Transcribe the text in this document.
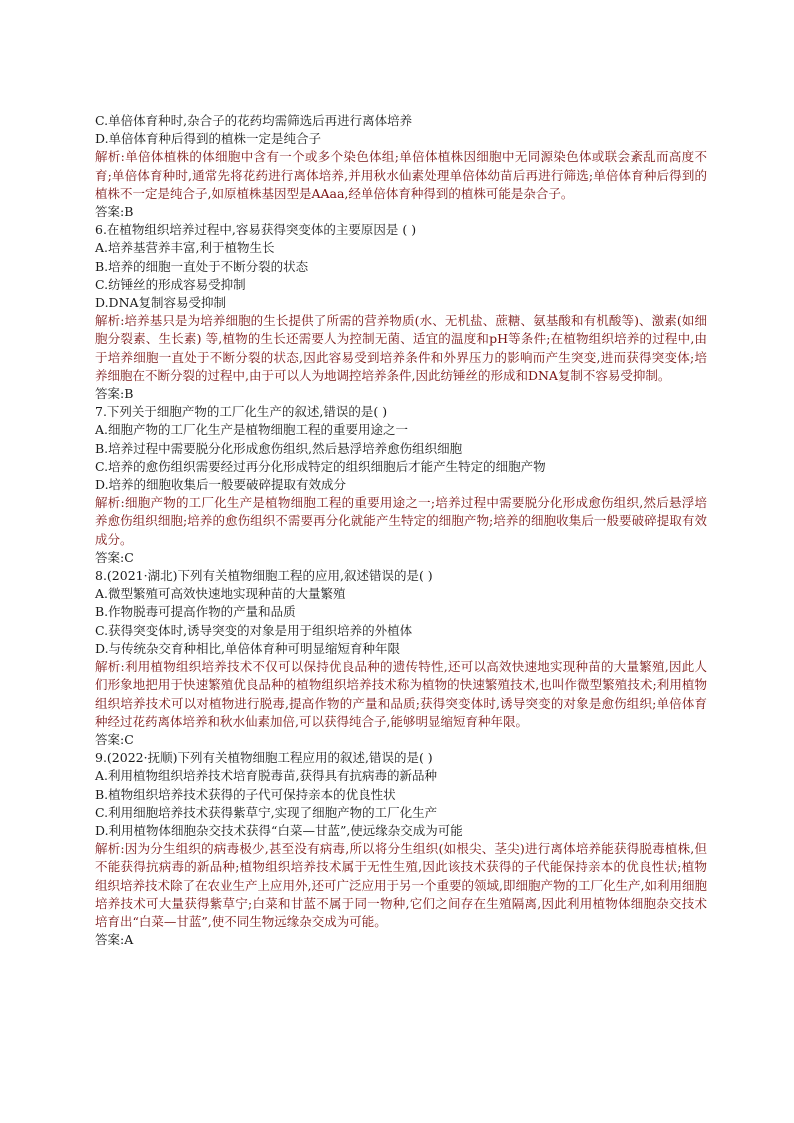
C.单倍体育种时,杂合子的花药均需筛选后再进行离体培养
D.单倍体育种后得到的植株一定是纯合子
解析:单倍体植株的体细胞中含有一个或多个染色体组;单倍体植株因细胞中无同源染色体或联会紊乱而高度不育;单倍体育种时,通常先将花药进行离体培养,并用秋水仙素处理单倍体幼苗后再进行筛选;单倍体育种后得到的植株不一定是纯合子,如原植株基因型是AAaa,经单倍体育种得到的植株可能是杂合子。
答案:B
6.在植物组织培养过程中,容易获得突变体的主要原因是 ( )
A.培养基营养丰富,利于植物生长
B.培养的细胞一直处于不断分裂的状态
C.纺锤丝的形成容易受抑制
D.DNA复制容易受抑制
解析:培养基只是为培养细胞的生长提供了所需的营养物质(水、无机盐、蔗糖、氨基酸和有机酸等)、激素(如细胞分裂素、生长素) 等,植物的生长还需要人为控制无菌、适宜的温度和pH等条件;在植物组织培养的过程中,由于培养细胞一直处于不断分裂的状态,因此容易受到培养条件和外界压力的影响而产生突变,进而获得突变体;培养细胞在不断分裂的过程中,由于可以人为地调控培养条件,因此纺锤丝的形成和DNA复制不容易受抑制。
答案:B
7.下列关于细胞产物的工厂化生产的叙述,错误的是( )
A.细胞产物的工厂化生产是植物细胞工程的重要用途之一
B.培养过程中需要脱分化形成愈伤组织,然后悬浮培养愈伤组织细胞
C.培养的愈伤组织需要经过再分化形成特定的组织细胞后才能产生特定的细胞产物
D.培养的细胞收集后一般要破碎提取有效成分
解析:细胞产物的工厂化生产是植物细胞工程的重要用途之一;培养过程中需要脱分化形成愈伤组织,然后悬浮培养愈伤组织细胞;培养的愈伤组织不需要再分化就能产生特定的细胞产物;培养的细胞收集后一般要破碎提取有效成分。
答案:C
8.(2021·湖北)下列有关植物细胞工程的应用,叙述错误的是( )
A.微型繁殖可高效快速地实现种苗的大量繁殖
B.作物脱毒可提高作物的产量和品质
C.获得突变体时,诱导突变的对象是用于组织培养的外植体
D.与传统杂交育种相比,单倍体育种可明显缩短育种年限
解析:利用植物组织培养技术不仅可以保持优良品种的遗传特性,还可以高效快速地实现种苗的大量繁殖,因此人们形象地把用于快速繁殖优良品种的植物组织培养技术称为植物的快速繁殖技术,也叫作微型繁殖技术;利用植物组织培养技术可以对植物进行脱毒,提高作物的产量和品质;获得突变体时,诱导突变的对象是愈伤组织;单倍体育种经过花药离体培养和秋水仙素加倍,可以获得纯合子,能够明显缩短育种年限。
答案:C
9.(2022·抚顺)下列有关植物细胞工程应用的叙述,错误的是( )
A.利用植物组织培养技术培育脱毒苗,获得具有抗病毒的新品种
B.植物组织培养技术获得的子代可保持亲本的优良性状
C.利用细胞培养技术获得紫草宁,实现了细胞产物的工厂化生产
D.利用植物体细胞杂交技术获得“白菜—甘蓝”,使远缘杂交成为可能
解析:因为分生组织的病毒极少,甚至没有病毒,所以将分生组织(如根尖、茎尖)进行离体培养能获得脱毒植株,但不能获得抗病毒的新品种;植物组织培养技术属于无性生殖,因此该技术获得的子代能保持亲本的优良性状;植物组织培养技术除了在农业生产上应用外,还可广泛应用于另一个重要的领域,即细胞产物的工厂化生产,如利用细胞培养技术可大量获得紫草宁;白菜和甘蓝不属于同一物种,它们之间存在生殖隔离,因此利用植物体细胞杂交技术培育出“白菜—甘蓝”,使不同生物远缘杂交成为可能。
答案:A
